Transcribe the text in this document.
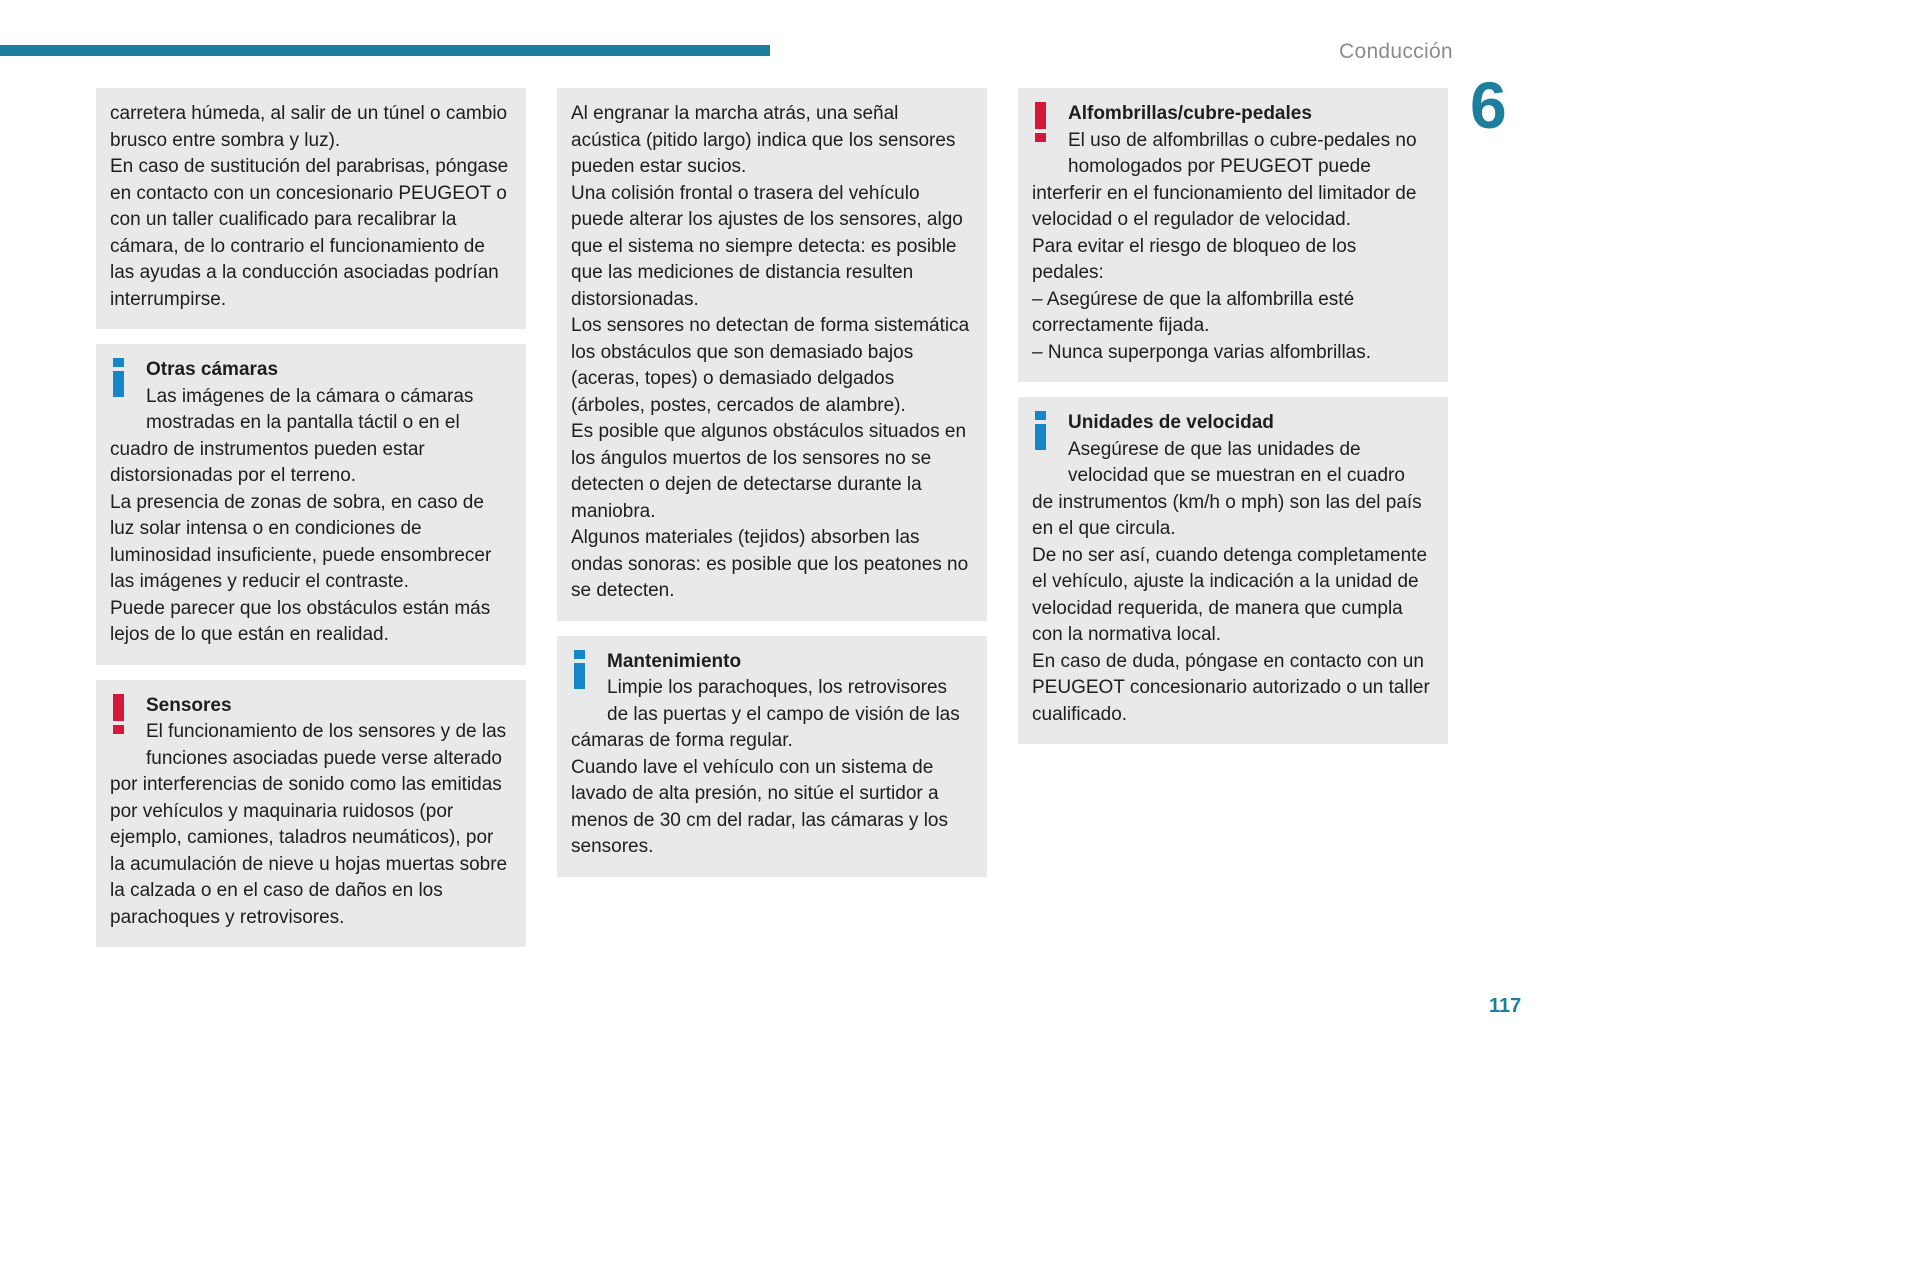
Conducción
6

carretera húmeda, al salir de un túnel o cambio brusco entre sombra y luz).

En caso de sustitución del parabrisas, póngase en contacto con un concesionario PEUGEOT o con un taller cualificado para recalibrar la cámara, de lo contrario el funcionamiento de las ayudas a la conducción asociadas podrían interrumpirse.

Otras cámaras

Las imágenes de la cámara o cámaras mostradas en la pantalla táctil o en el cuadro de instrumentos pueden estar distorsionadas por el terreno.

La presencia de zonas de sobra, en caso de luz solar intensa o en condiciones de luminosidad insuficiente, puede ensombrecer las imágenes y reducir el contraste.

Puede parecer que los obstáculos están más lejos de lo que están en realidad.

Sensores

El funcionamiento de los sensores y de las funciones asociadas puede verse alterado por interferencias de sonido como las emitidas por vehículos y maquinaria ruidosos (por ejemplo, camiones, taladros neumáticos), por la acumulación de nieve u hojas muertas sobre la calzada o en el caso de daños en los parachoques y retrovisores.

Al engranar la marcha atrás, una señal acústica (pitido largo) indica que los sensores pueden estar sucios.

Una colisión frontal o trasera del vehículo puede alterar los ajustes de los sensores, algo que el sistema no siempre detecta: es posible que las mediciones de distancia resulten distorsionadas.

Los sensores no detectan de forma sistemática los obstáculos que son demasiado bajos (aceras, topes) o demasiado delgados (árboles, postes, cercados de alambre).

Es posible que algunos obstáculos situados en los ángulos muertos de los sensores no se detecten o dejen de detectarse durante la maniobra.

Algunos materiales (tejidos) absorben las ondas sonoras: es posible que los peatones no se detecten.

Mantenimiento

Limpie los parachoques, los retrovisores de las puertas y el campo de visión de las cámaras de forma regular.

Cuando lave el vehículo con un sistema de lavado de alta presión, no sitúe el surtidor a menos de 30 cm del radar, las cámaras y los sensores.

Alfombrillas/cubre-pedales

El uso de alfombrillas o cubre-pedales no homologados por PEUGEOT puede interferir en el funcionamiento del limitador de velocidad o el regulador de velocidad.

Para evitar el riesgo de bloqueo de los pedales:

– Asegúrese de que la alfombrilla esté correctamente fijada.

– Nunca superponga varias alfombrillas.

Unidades de velocidad

Asegúrese de que las unidades de velocidad que se muestran en el cuadro de instrumentos (km/h o mph) son las del país en el que circula.

De no ser así, cuando detenga completamente el vehículo, ajuste la indicación a la unidad de velocidad requerida, de manera que cumpla con la normativa local.

En caso de duda, póngase en contacto con un PEUGEOT concesionario autorizado o un taller cualificado.

117
